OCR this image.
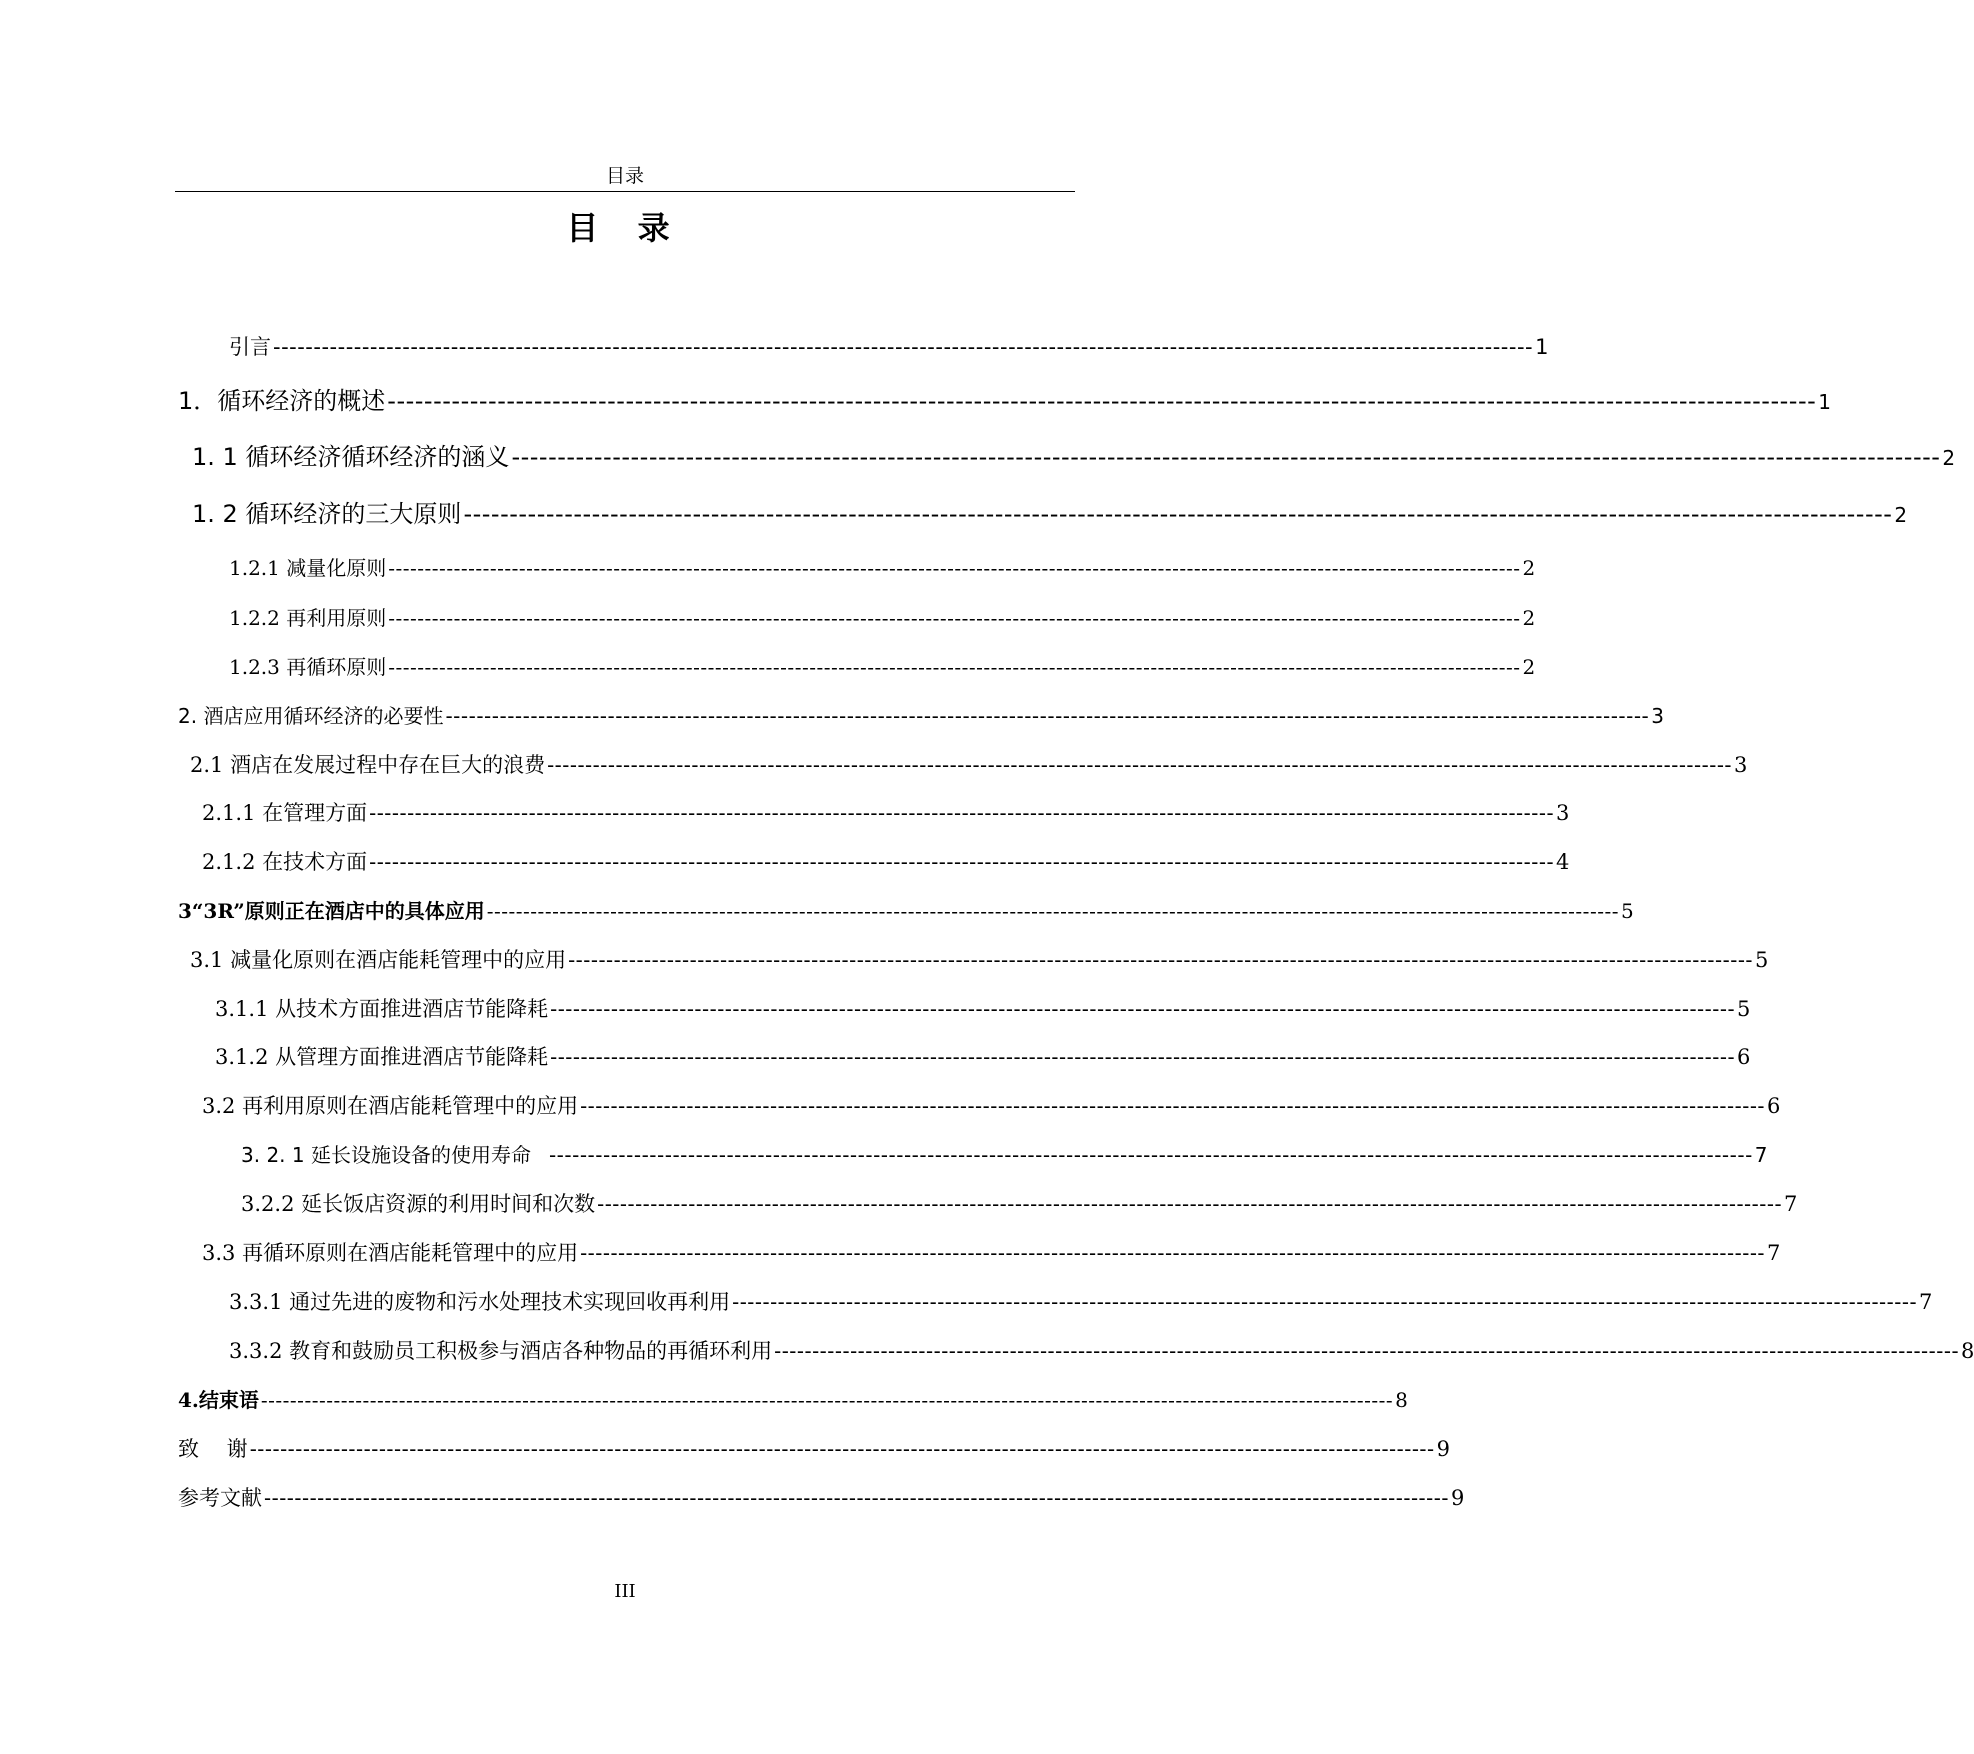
目录
目 录
引言 ------------------------------------------------------------------------------------------------------------------------------------------------------------ 1
1．循环经济的概述 ------------------------------------------------------------------------------------------------------------------------------------------------------------ 1
1. 1 循环经济循环经济的涵义 ------------------------------------------------------------------------------------------------------------------------------------------------------------ 2
1. 2 循环经济的三大原则 ------------------------------------------------------------------------------------------------------------------------------------------------------------ 2
1.2.1 减量化原则 ------------------------------------------------------------------------------------------------------------------------------------------------------------ 2
1.2.2 再利用原则 ------------------------------------------------------------------------------------------------------------------------------------------------------------ 2
1.2.3 再循环原则 ------------------------------------------------------------------------------------------------------------------------------------------------------------ 2
2. 酒店应用循环经济的必要性 ------------------------------------------------------------------------------------------------------------------------------------------------------------ 3
2.1 酒店在发展过程中存在巨大的浪费 ------------------------------------------------------------------------------------------------------------------------------------------------------------ 3
2.1.1 在管理方面 ------------------------------------------------------------------------------------------------------------------------------------------------------------ 3
2.1.2 在技术方面 ------------------------------------------------------------------------------------------------------------------------------------------------------------ 4
3“3R”原则正在酒店中的具体应用 ------------------------------------------------------------------------------------------------------------------------------------------------------------ 5
3.1 减量化原则在酒店能耗管理中的应用 ------------------------------------------------------------------------------------------------------------------------------------------------------------ 5
3.1.1 从技术方面推进酒店节能降耗 ------------------------------------------------------------------------------------------------------------------------------------------------------------ 5
3.1.2 从管理方面推进酒店节能降耗 ------------------------------------------------------------------------------------------------------------------------------------------------------------ 6
3.2 再利用原则在酒店能耗管理中的应用 ------------------------------------------------------------------------------------------------------------------------------------------------------------ 6
3. 2. 1 延长设施设备的使用寿命 ------------------------------------------------------------------------------------------------------------------------------------------------------------ 7
3.2.2 延长饭店资源的利用时间和次数 ------------------------------------------------------------------------------------------------------------------------------------------------------------ 7
3.3 再循环原则在酒店能耗管理中的应用 ------------------------------------------------------------------------------------------------------------------------------------------------------------ 7
3.3.1 通过先进的废物和污水处理技术实现回收再利用 ------------------------------------------------------------------------------------------------------------------------------------------------------------ 7
3.3.2 教育和鼓励员工积极参与酒店各种物品的再循环利用 ------------------------------------------------------------------------------------------------------------------------------------------------------------ 8
4.结束语 ------------------------------------------------------------------------------------------------------------------------------------------------------------ 8
致　 谢 ------------------------------------------------------------------------------------------------------------------------------------------------------------ 9
参考文献 ------------------------------------------------------------------------------------------------------------------------------------------------------------ 9
III
